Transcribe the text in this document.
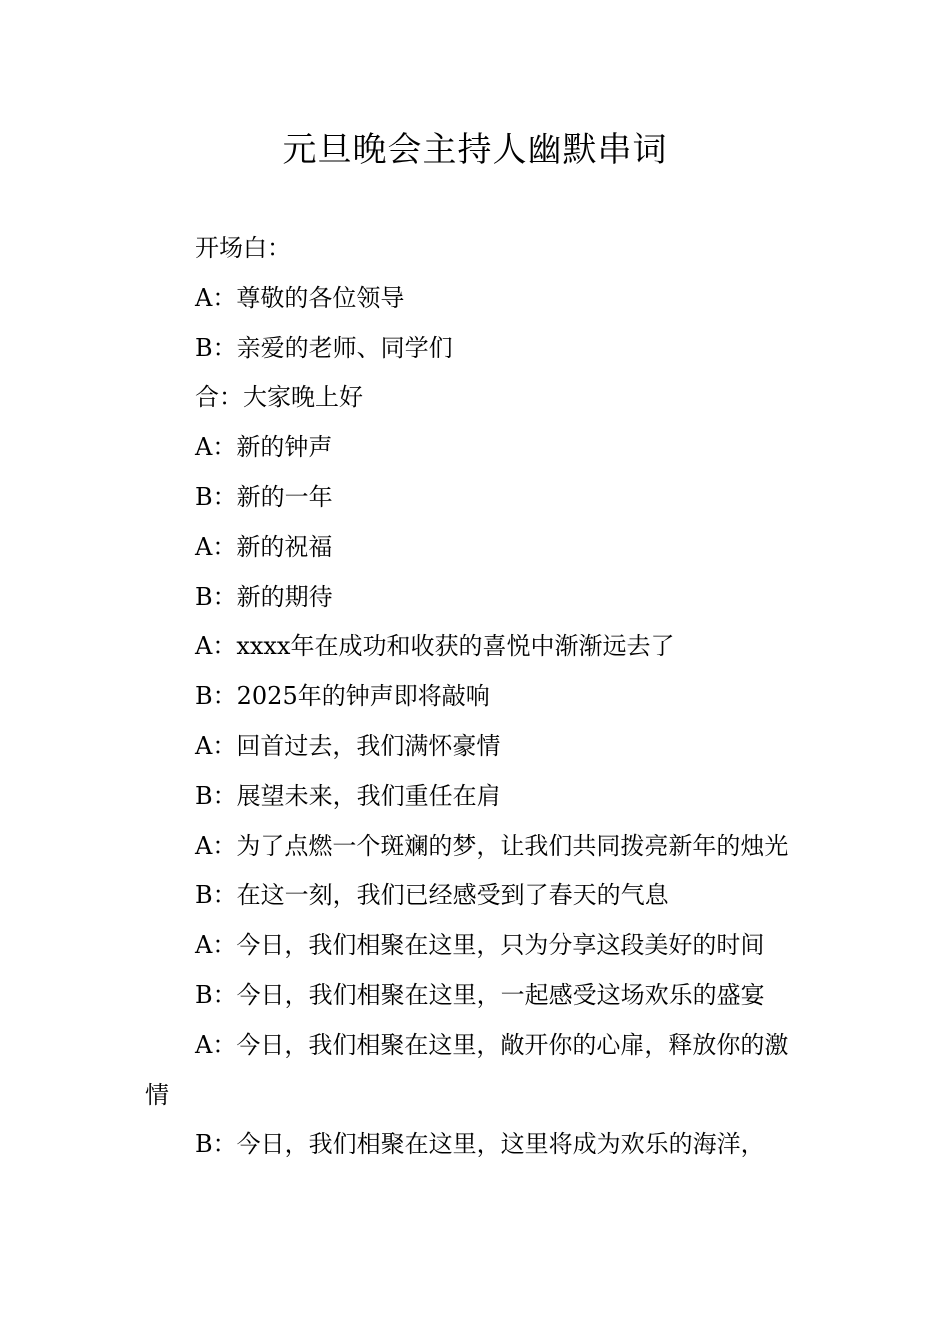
元旦晚会主持人幽默串词

开场白：

A：尊敬的各位领导

B：亲爱的老师、同学们

合：大家晚上好

A：新的钟声

B：新的一年

A：新的祝福

B：新的期待

A：xxxx年在成功和收获的喜悦中渐渐远去了

B：2025年的钟声即将敲响

A：回首过去，我们满怀豪情

B：展望未来，我们重任在肩

A：为了点燃一个斑斓的梦，让我们共同拨亮新年的烛光

B：在这一刻，我们已经感受到了春天的气息

A：今日，我们相聚在这里，只为分享这段美好的时间

B：今日，我们相聚在这里，一起感受这场欢乐的盛宴

A：今日，我们相聚在这里，敞开你的心扉，释放你的激情

B：今日，我们相聚在这里，这里将成为欢乐的海洋，
